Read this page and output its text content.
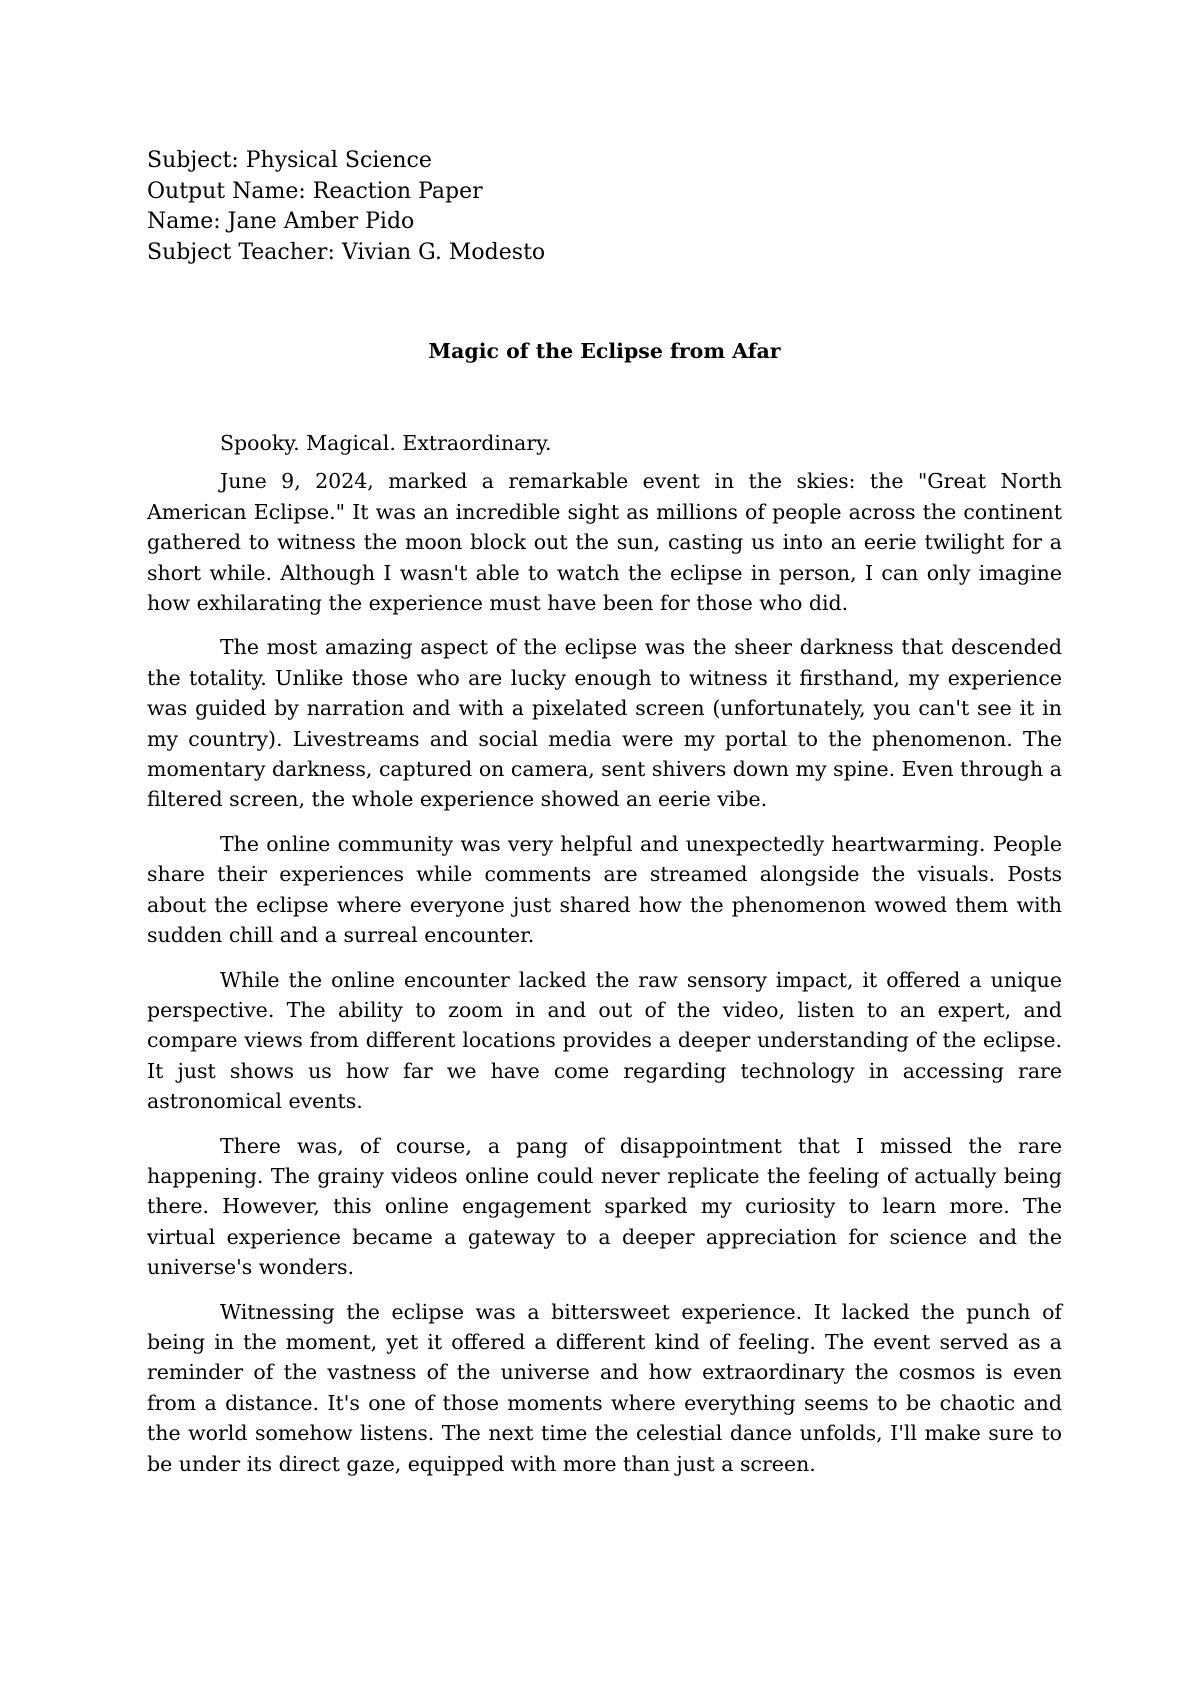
Subject: Physical Science

Output Name: Reaction Paper

Name: Jane Amber Pido

Subject Teacher: Vivian G. Modesto

Magic of the Eclipse from Afar

Spooky. Magical. Extraordinary.

June 9, 2024, marked a remarkable event in the skies: the "Great North American Eclipse." It was an incredible sight as millions of people across the continent gathered to witness the moon block out the sun, casting us into an eerie twilight for a short while. Although I wasn't able to watch the eclipse in person, I can only imagine how exhilarating the experience must have been for those who did.

The most amazing aspect of the eclipse was the sheer darkness that descended the totality. Unlike those who are lucky enough to witness it firsthand, my experience was guided by narration and with a pixelated screen (unfortunately, you can't see it in my country). Livestreams and social media were my portal to the phenomenon. The momentary darkness, captured on camera, sent shivers down my spine. Even through a filtered screen, the whole experience showed an eerie vibe.

The online community was very helpful and unexpectedly heartwarming. People share their experiences while comments are streamed alongside the visuals. Posts about the eclipse where everyone just shared how the phenomenon wowed them with sudden chill and a surreal encounter.

While the online encounter lacked the raw sensory impact, it offered a unique perspective. The ability to zoom in and out of the video, listen to an expert, and compare views from different locations provides a deeper understanding of the eclipse. It just shows us how far we have come regarding technology in accessing rare astronomical events.

There was, of course, a pang of disappointment that I missed the rare happening. The grainy videos online could never replicate the feeling of actually being there. However, this online engagement sparked my curiosity to learn more. The virtual experience became a gateway to a deeper appreciation for science and the universe's wonders.

Witnessing the eclipse was a bittersweet experience. It lacked the punch of being in the moment, yet it offered a different kind of feeling. The event served as a reminder of the vastness of the universe and how extraordinary the cosmos is even from a distance. It's one of those moments where everything seems to be chaotic and the world somehow listens. The next time the celestial dance unfolds, I'll make sure to be under its direct gaze, equipped with more than just a screen.
